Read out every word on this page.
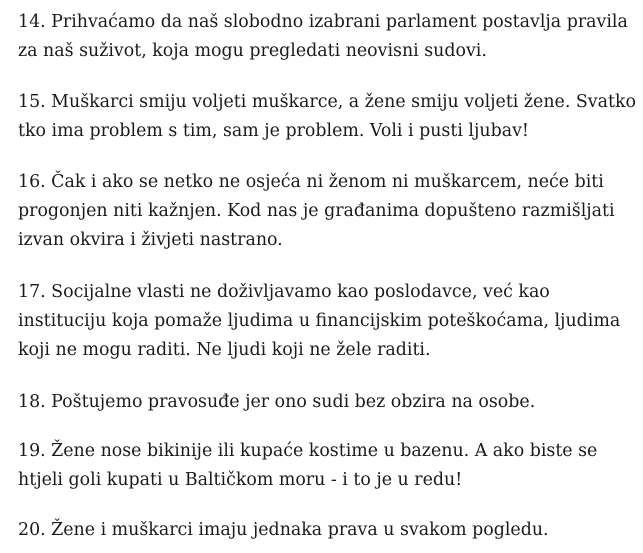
14. Prihvaćamo da naš slobodno izabrani parlament postavlja pravila
za naš suživot, koja mogu pregledati neovisni sudovi.

15. Muškarci smiju voljeti muškarce, a žene smiju voljeti žene. Svatko
tko ima problem s tim, sam je problem. Voli i pusti ljubav!

16. Čak i ako se netko ne osjeća ni ženom ni muškarcem, neće biti
progonjen niti kažnjen. Kod nas je građanima dopušteno razmišljati
izvan okvira i živjeti nastrano.

17. Socijalne vlasti ne doživljavamo kao poslodavce, već kao
instituciju koja pomaže ljudima u financijskim poteškoćama, ljudima
koji ne mogu raditi. Ne ljudi koji ne žele raditi.

18. Poštujemo pravosuđe jer ono sudi bez obzira na osobe.

19. Žene nose bikinije ili kupaće kostime u bazenu. A ako biste se
htjeli goli kupati u Baltičkom moru - i to je u redu!

20. Žene i muškarci imaju jednaka prava u svakom pogledu.
